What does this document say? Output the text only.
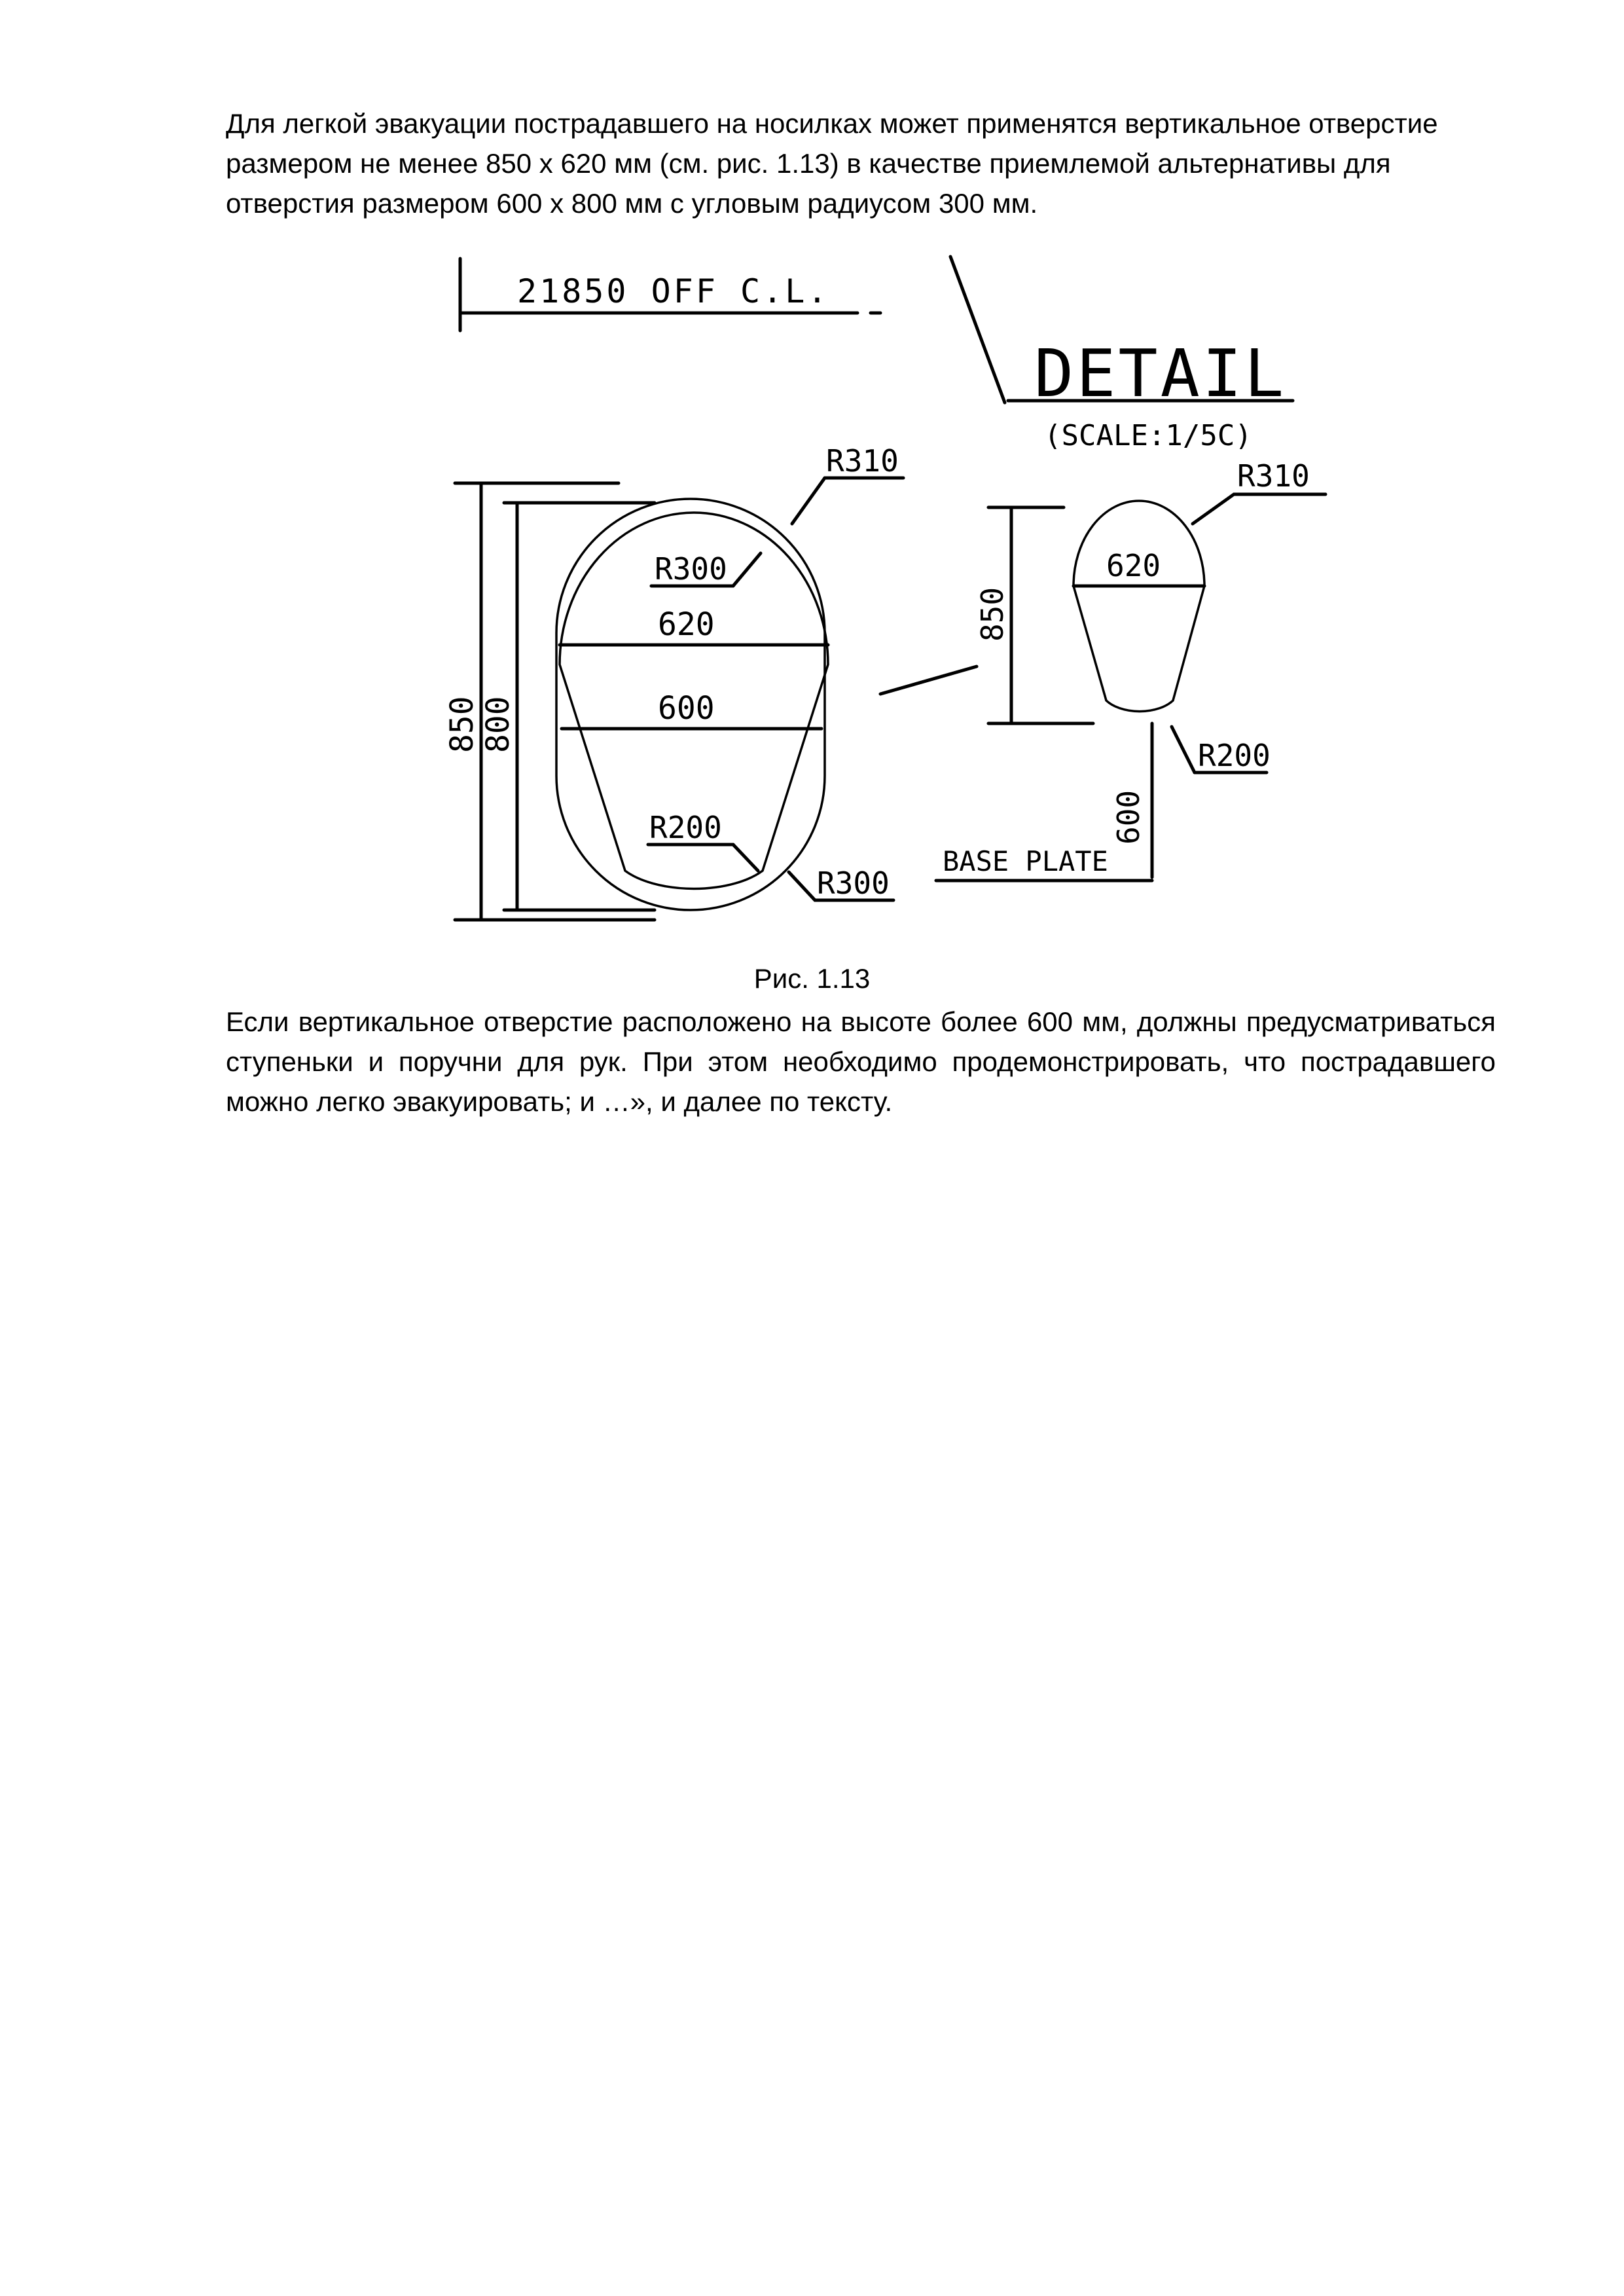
Для легкой эвакуации пострадавшего на носилках может применятся вертикальное отверстие размером не менее 850 х 620 мм (см. рис. 1.13) в качестве приемлемой альтернативы для отверстия размером 600 х 800 мм с угловым радиусом 300 мм.

21850 OFF C.L.
DETAIL
(SCALE:1/5C)
620
600
850 800
R310
R300
R200
R300
620
850
R310
600
R200
BASE PLATE

Рис. 1.13

Если вертикальное отверстие расположено на высоте более 600 мм, должны предусматриваться ступеньки и поручни для рук. При этом необходимо продемонстрировать, что пострадавшего можно легко эвакуировать; и …», и далее по тексту.
